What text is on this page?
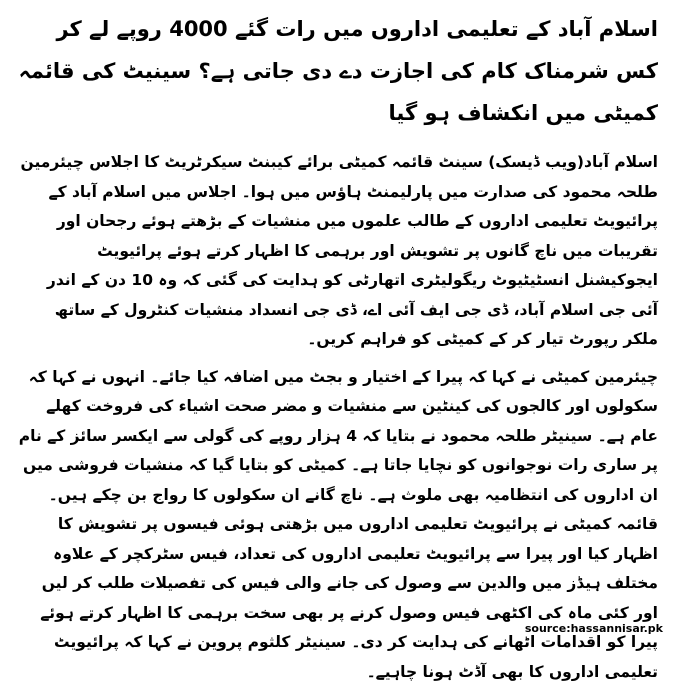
اسلام آباد کے تعلیمی اداروں میں رات گئے 4000 روپے لے کر کس شرمناک کام کی اجازت دے دی جاتی ہے؟ سینیٹ کی قائمہ کمیٹی میں انکشاف ہو گیا
اسلام آباد(ویب ڈیسک) سینٹ قائمہ کمیٹی برائے کیبنٹ سیکرٹریٹ کا اجلاس چیئرمین طلحہ محمود کی صدارت میں پارلیمنٹ ہاؤس میں ہوا۔ اجلاس میں اسلام آباد کے پرائیویٹ تعلیمی اداروں کے طالب علموں میں منشیات کے بڑھتے ہوئے رجحان اور تقریبات میں ناچ گانوں پر تشویش اور برہمی کا اظہار کرتے ہوئے پرائیویٹ ایجوکیشنل انسٹیٹیوٹ ریگولیٹری اتھارٹی کو ہدایت کی گئی کہ وہ 10 دن کے اندر آئی جی اسلام آباد، ڈی جی ایف آئی اے، ڈی جی انسداد منشیات کنٹرول کے ساتھ ملکر رپورٹ تیار کر کے کمیٹی کو فراہم کریں۔
چیئرمین کمیٹی نے کہا کہ پیرا کے اختیار و بجٹ میں اضافہ کیا جائے۔ انہوں نے کہا کہ سکولوں اور کالجوں کی کینٹین سے منشیات و مضر صحت اشیاء کی فروخت کھلے عام ہے۔ سینیٹر طلحہ محمود نے بتایا کہ 4 ہزار روپے کی گولی سے ایکسر سائز کے نام پر ساری رات نوجوانوں کو نچایا جاتا ہے۔ کمیٹی کو بتایا گیا کہ منشیات فروشی میں ان اداروں کی انتظامیہ بھی ملوث ہے۔ ناچ گانے ان سکولوں کا رواج بن چکے ہیں۔ قائمہ کمیٹی نے پرائیویٹ تعلیمی اداروں میں بڑھتی ہوئی فیسوں پر تشویش کا اظہار کیا اور پیرا سے پرائیویٹ تعلیمی اداروں کی تعداد، فیس سٹرکچر کے علاوہ مختلف ہیڈز میں والدین سے وصول کی جانے والی فیس کی تفصیلات طلب کر لیں اور کئی ماہ کی اکٹھی فیس وصول کرنے پر بھی سخت برہمی کا اظہار کرتے ہوئے پیرا کو اقدامات اٹھانے کی ہدایت کر دی۔ سینیٹر کلثوم پروین نے کہا کہ پرائیویٹ تعلیمی اداروں کا بھی آڈٹ ہونا چاہیے۔
source:hassannisar.pk
